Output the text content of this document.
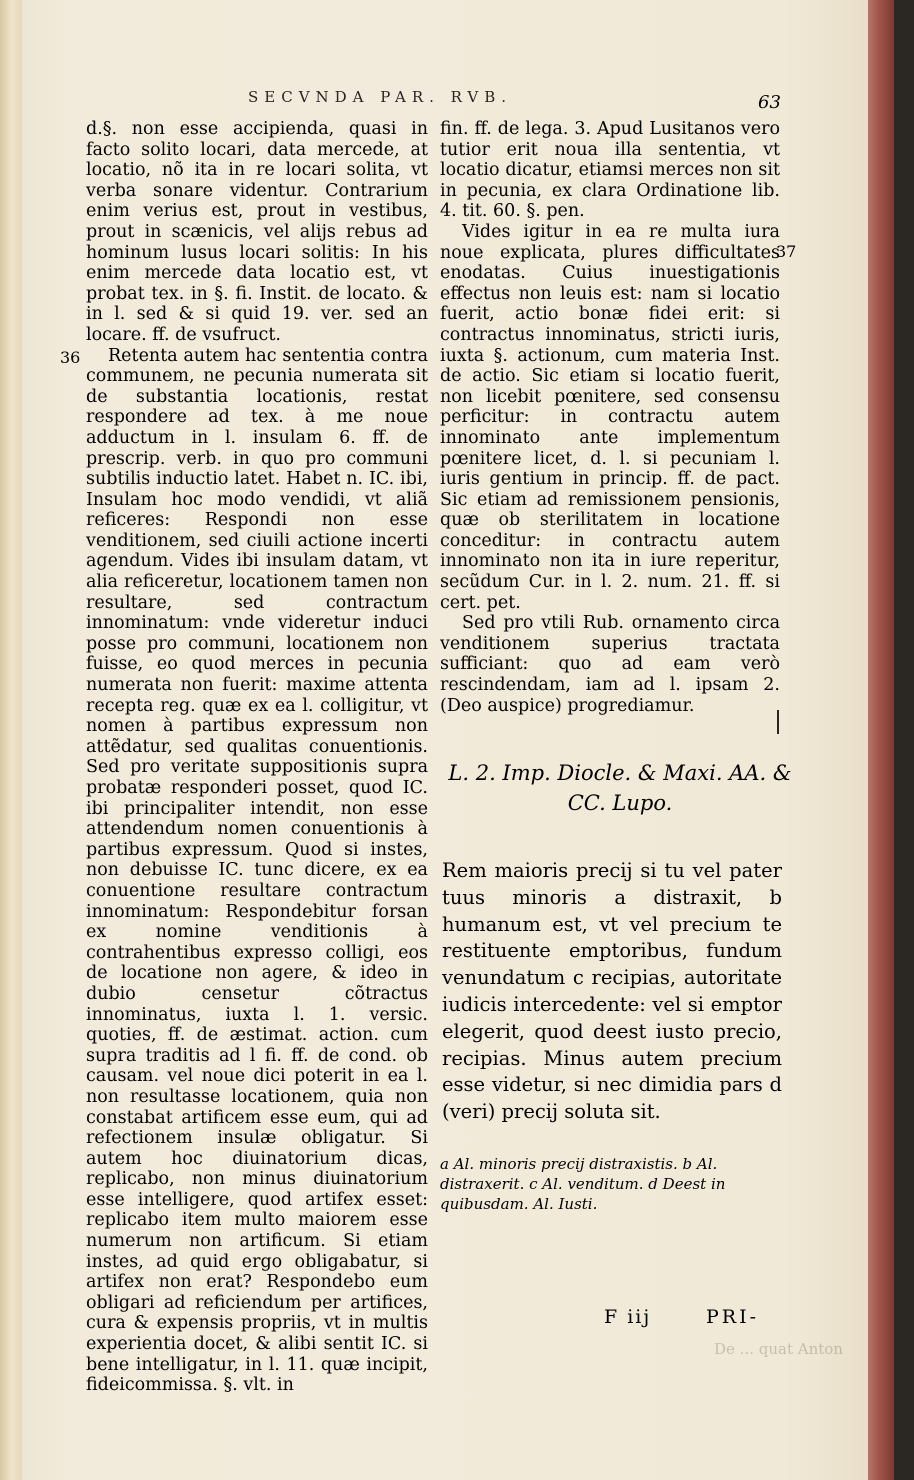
SECVNDA PAR. RVB.	63
36
37

d.§. non esse accipienda, quasi in facto solito locari, data mercede, at locatio, nõ ita in re locari solita, vt verba sonare videntur. Contrarium enim verius est, prout in vestibus, prout in scænicis, vel alijs rebus ad hominum lusus locari solitis: In his enim mercede data locatio est, vt probat tex. in §. fi. Instit. de locato. & in l. sed & si quid 19. ver. sed an locare. ff. de vsufruct.

Retenta autem hac sententia contra communem, ne pecunia numerata sit de substantia locationis, restat respondere ad tex. à me noue adductum in l. insulam 6. ff. de prescrip. verb. in quo pro communi subtilis inductio latet. Habet n. IC. ibi, Insulam hoc modo vendidi, vt aliã reficeres: Respondi non esse venditionem, sed ciuili actione incerti agendum. Vides ibi insulam datam, vt alia reficeretur, locationem tamen non resultare, sed contractum innominatum: vnde videretur induci posse pro communi, locationem non fuisse, eo quod merces in pecunia numerata non fuerit: maxime attenta recepta reg. quæ ex ea l. colligitur, vt nomen à partibus expressum non attẽdatur, sed qualitas conuentionis. Sed pro veritate suppositionis supra probatæ responderi posset, quod IC. ibi principaliter intendit, non esse attendendum nomen conuentionis à partibus expressum. Quod si instes, non debuisse IC. tunc dicere, ex ea conuentione resultare contractum innominatum: Respondebitur forsan ex nomine venditionis à contrahentibus expresso colligi, eos de locatione non agere, & ideo in dubio censetur cõtractus innominatus, iuxta l. 1. versic. quoties, ff. de æstimat. action. cum supra traditis ad l fi. ff. de cond. ob causam. vel noue dici poterit in ea l. non resultasse locationem, quia non constabat artificem esse eum, qui ad refectionem insulæ obligatur. Si autem hoc diuinatorium dicas, replicabo, non minus diuinatorium esse intelligere, quod artifex esset: replicabo item multo maiorem esse numerum non artificum. Si etiam instes, ad quid ergo obligabatur, si artifex non erat? Respondebo eum obligari ad reficiendum per artifices, cura & expensis propriis, vt in multis experientia docet, & alibi sentit IC. si bene intelligatur, in l. 11. quæ incipit, fideicommissa. §. vlt. in

fin. ff. de lega. 3. Apud Lusitanos vero tutior erit noua illa sententia, vt locatio dicatur, etiamsi merces non sit in pecunia, ex clara Ordinatione lib. 4. tit. 60. §. pen.

Vides igitur in ea re multa iura noue explicata, plures difficultates enodatas. Cuius inuestigationis effectus non leuis est: nam si locatio fuerit, actio bonæ fidei erit: si contractus innominatus, stricti iuris, iuxta §. actionum, cum materia Inst. de actio. Sic etiam si locatio fuerit, non licebit pœnitere, sed consensu perficitur: in contractu autem innominato ante implementum pœnitere licet, d. l. si pecuniam l. iuris gentium in princip. ff. de pact. Sic etiam ad remissionem pensionis, quæ ob sterilitatem in locatione conceditur: in contractu autem innominato non ita in iure reperitur, secũdum Cur. in l. 2. num. 21. ff. si cert. pet.

Sed pro vtili Rub. ornamento circa venditionem superius tractata sufficiant: quo ad eam verò rescindendam, iam ad l. ipsam 2. (Deo auspice) progrediamur.

L. 2. Imp. Diocle. & Maxi. AA. &
CC. Lupo.
Rem maioris precij si tu vel pater tuus minoris a distraxit, b humanum est, vt vel precium te restituente emptoribus, fundum venundatum c recipias, autoritate iudicis intercedente: vel si emptor elegerit, quod deest iusto precio, recipias. Minus autem precium esse videtur, si nec dimidia pars d (veri) precij soluta sit.
a Al. minoris precij distraxistis. b Al. distraxerit. c Al. venditum. d Deest in quibusdam. Al. Iusti.
F iij	PRI-
De ... quat Anton
